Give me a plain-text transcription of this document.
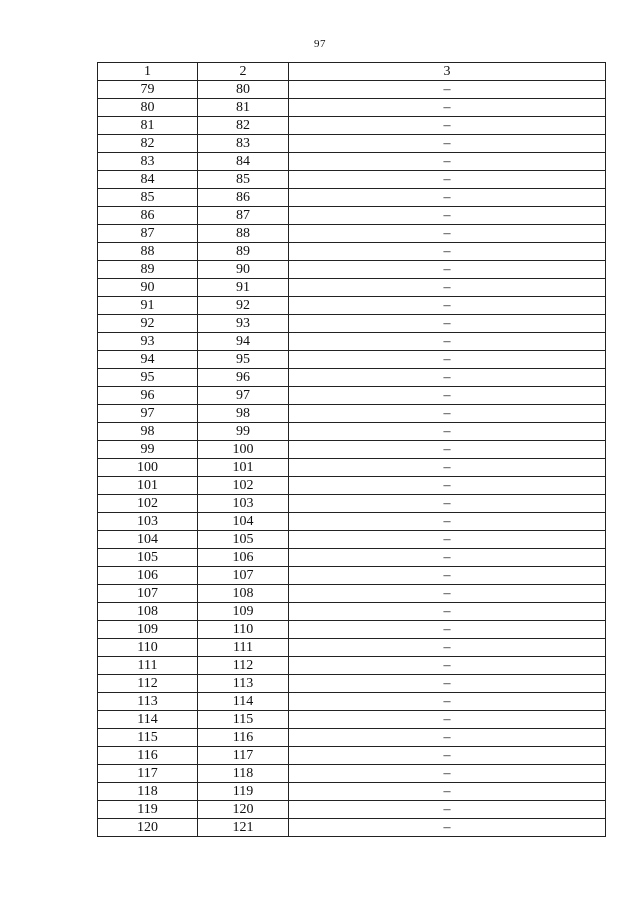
97
1	2	3
79	80	–
80	81	–
81	82	–
82	83	–
83	84	–
84	85	–
85	86	–
86	87	–
87	88	–
88	89	–
89	90	–
90	91	–
91	92	–
92	93	–
93	94	–
94	95	–
95	96	–
96	97	–
97	98	–
98	99	–
99	100	–
100	101	–
101	102	–
102	103	–
103	104	–
104	105	–
105	106	–
106	107	–
107	108	–
108	109	–
109	110	–
110	111	–
111	112	–
112	113	–
113	114	–
114	115	–
115	116	–
116	117	–
117	118	–
118	119	–
119	120	–
120	121	–
